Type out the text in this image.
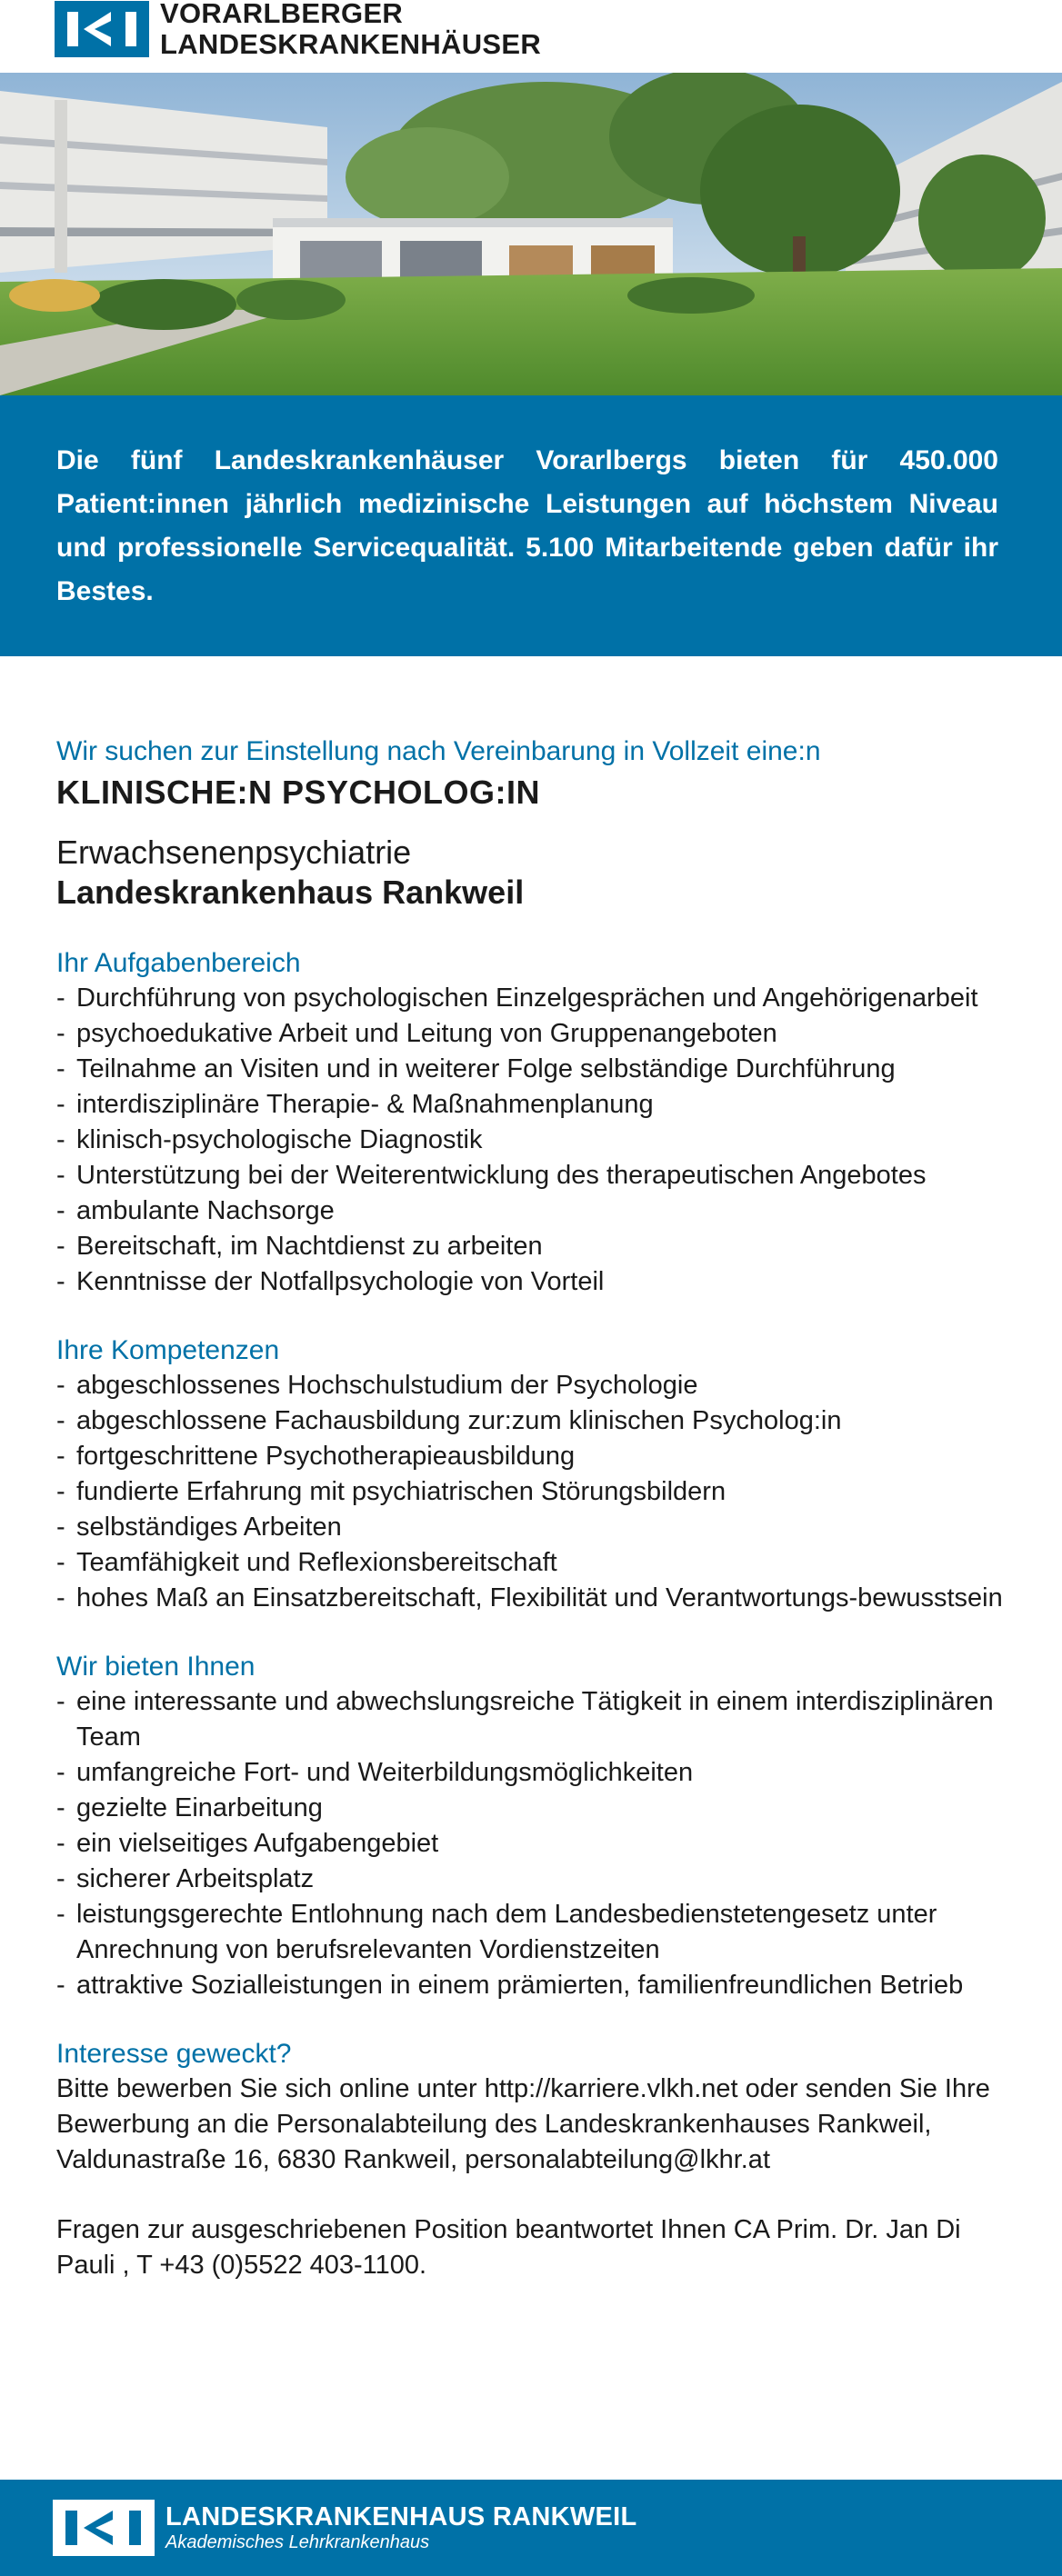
VORARLBERGER
LANDESKRANKENHÄUSER

Die fünf Landeskrankenhäuser Vorarlbergs bieten für 450.000 Patient:innen jährlich medizinische Leistungen auf höchstem Niveau und professionelle Servicequalität. 5.100 Mitarbeitende geben dafür ihr Bestes.

Wir suchen zur Einstellung nach Vereinbarung in Vollzeit eine:n

KLINISCHE:N PSYCHOLOG:IN

Erwachsenenpsychiatrie

Landeskrankenhaus Rankweil

Ihr Aufgabenbereich

- Durchführung von psychologischen Einzelgesprächen und Angehörigenarbeit
- psychoedukative Arbeit und Leitung von Gruppenangeboten
- Teilnahme an Visiten und in weiterer Folge selbständige Durchführung
- interdisziplinäre Therapie- & Maßnahmenplanung
- klinisch-psychologische Diagnostik
- Unterstützung bei der Weiterentwicklung des therapeutischen Angebotes
- ambulante Nachsorge
- Bereitschaft, im Nachtdienst zu arbeiten
- Kenntnisse der Notfallpsychologie von Vorteil

Ihre Kompetenzen

- abgeschlossenes Hochschulstudium der Psychologie
- abgeschlossene Fachausbildung zur:zum klinischen Psycholog:in
- fortgeschrittene Psychotherapieausbildung
- fundierte Erfahrung mit psychiatrischen Störungsbildern
- selbständiges Arbeiten
- Teamfähigkeit und Reflexionsbereitschaft
- hohes Maß an Einsatzbereitschaft, Flexibilität und Verantwortungs-bewusstsein

Wir bieten Ihnen

- eine interessante und abwechslungsreiche Tätigkeit in einem interdisziplinären Team
- umfangreiche Fort- und Weiterbildungsmöglichkeiten
- gezielte Einarbeitung
- ein vielseitiges Aufgabengebiet
- sicherer Arbeitsplatz
- leistungsgerechte Entlohnung nach dem Landesbedienstetengesetz unter Anrechnung von berufsrelevanten Vordienstzeiten
- attraktive Sozialleistungen in einem prämierten, familienfreundlichen Betrieb

Interesse geweckt?

Bitte bewerben Sie sich online unter http://karriere.vlkh.net oder senden Sie Ihre Bewerbung an die Personalabteilung des Landeskrankenhauses Rankweil, Valdunastraße 16, 6830 Rankweil, personalabteilung@lkhr.at

Fragen zur ausgeschriebenen Position beantwortet Ihnen CA Prim. Dr. Jan Di Pauli , T +43 (0)5522 403-1100.

LANDESKRANKENHAUS RANKWEIL
Akademisches Lehrkrankenhaus
